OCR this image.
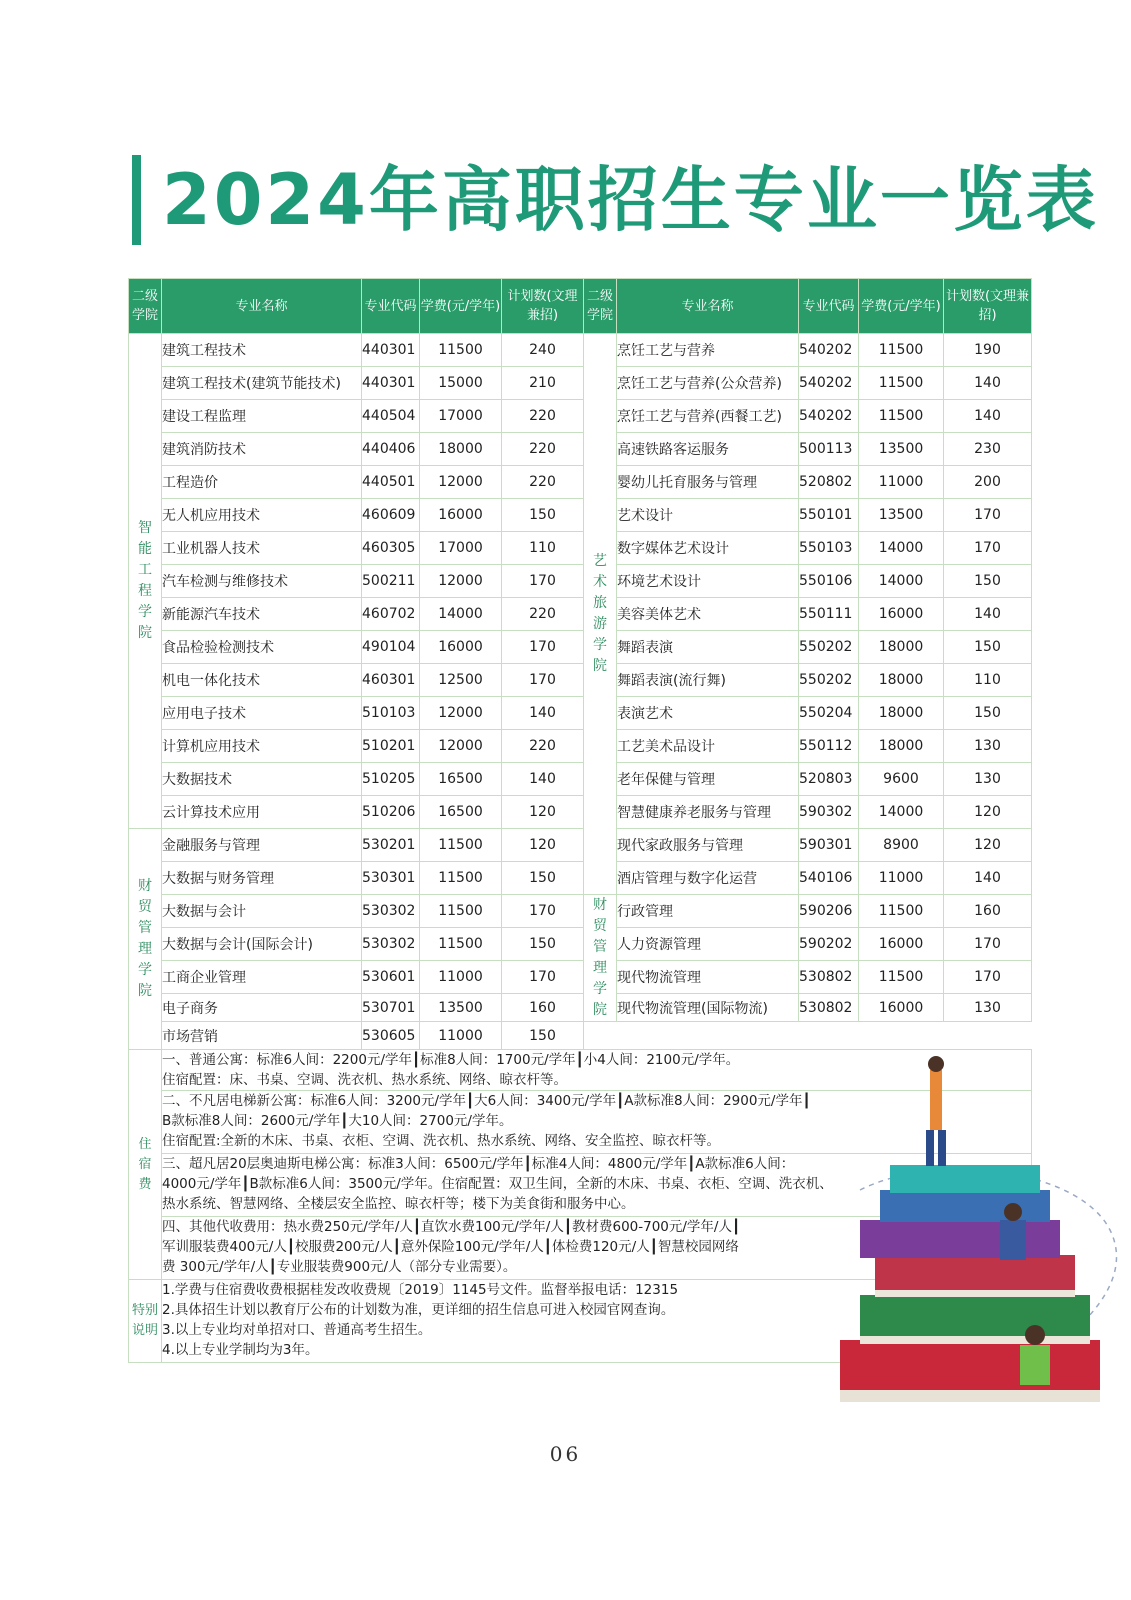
2024年高职招生专业一览表
二级学院	专业名称	专业代码	学费(元/学年)	计划数(文理兼招)	二级学院	专业名称	专业代码	学费(元/学年)	计划数(文理兼招)
智能工程学院	建筑工程技术	440301	11500	240	艺术旅游学院	烹饪工艺与营养	540202	11500	190
	建筑工程技术(建筑节能技术)	440301	15000	210		烹饪工艺与营养(公众营养)	540202	11500	140
	建设工程监理	440504	17000	220		烹饪工艺与营养(西餐工艺)	540202	11500	140
	建筑消防技术	440406	18000	220		高速铁路客运服务	500113	13500	230
	工程造价	440501	12000	220		婴幼儿托育服务与管理	520802	11000	200
	无人机应用技术	460609	16000	150		艺术设计	550101	13500	170
	工业机器人技术	460305	17000	110		数字媒体艺术设计	550103	14000	170
	汽车检测与维修技术	500211	12000	170		环境艺术设计	550106	14000	150
	新能源汽车技术	460702	14000	220		美容美体艺术	550111	16000	140
	食品检验检测技术	490104	16000	170		舞蹈表演	550202	18000	150
	机电一体化技术	460301	12500	170		舞蹈表演(流行舞)	550202	18000	110
	应用电子技术	510103	12000	140		表演艺术	550204	18000	150
	计算机应用技术	510201	12000	220		工艺美术品设计	550112	18000	130
	大数据技术	510205	16500	140		老年保健与管理	520803	9600	130
	云计算技术应用	510206	16500	120		智慧健康养老服务与管理	590302	14000	120
财贸管理学院	金融服务与管理	530201	11500	120		现代家政服务与管理	590301	8900	120
	大数据与财务管理	530301	11500	150		酒店管理与数字化运营	540106	11000	140
	大数据与会计	530302	11500	170	财贸管理学院	行政管理	590206	11500	160
	大数据与会计(国际会计)	530302	11500	150		人力资源管理	590202	16000	170
	工商企业管理	530601	11000	170		现代物流管理	530802	11500	170
	电子商务	530701	13500	160		现代物流管理(国际物流)	530802	16000	130
	市场营销	530605	11000	150					
住宿费	一、普通公寓：标准6人间：2200元/学年┃标准8人间：1700元/学年┃小4人间：2100元/学年。
住宿配置：床、书桌、空调、洗衣机、热水系统、网络、晾衣杆等。								

	二、不凡居电梯新公寓：标准6人间：3200元/学年┃大6人间：3400元/学年┃A款标准8人间：2900元/学年┃
B款标准8人间：2600元/学年┃大10人间：2700元/学年。
住宿配置:全新的木床、书桌、衣柜、空调、洗衣机、热水系统、网络、安全监控、晾衣杆等。								

	三、超凡居20层奥迪斯电梯公寓：标准3人间：6500元/学年┃标准4人间：4800元/学年┃A款标准6人间：
4000元/学年┃B款标准6人间：3500元/学年。住宿配置：双卫生间，全新的木床、书桌、衣柜、空调、洗衣机、
热水系统、智慧网络、全楼层安全监控、晾衣杆等；楼下为美食街和服务中心。								

	四、其他代收费用：热水费250元/学年/人┃直饮水费100元/学年/人┃教材费600-700元/学年/人┃
军训服装费400元/人┃校服费200元/人┃意外保险100元/学年/人┃体检费120元/人┃智慧校园网络
费 300元/学年/人┃专业服装费900元/人（部分专业需要）。								

特别说明	1.学费与住宿费收费根据桂发改收费规〔2019〕1145号文件。监督举报电话：12315
2.具体招生计划以教育厅公布的计划数为准，更详细的招生信息可进入校园官网查询。
3.以上专业均对单招对口、普通高考生招生。
4.以上专业学制均为3年。								
06
